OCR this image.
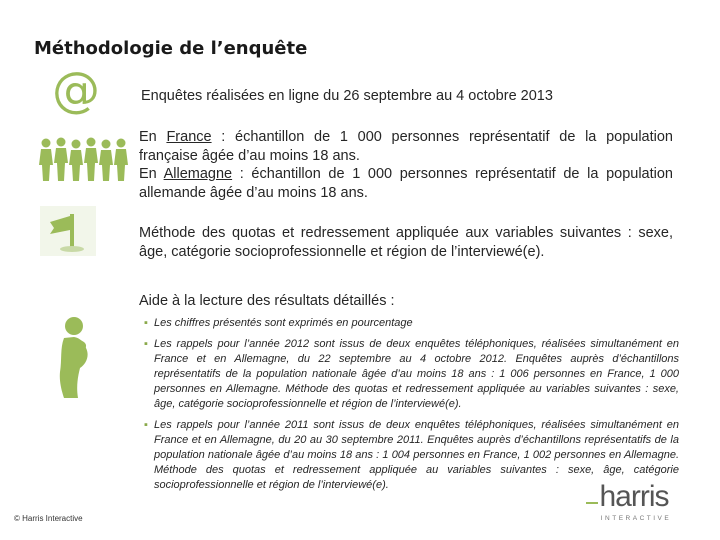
Méthodologie de l’enquête
@	Enquêtes réalisées en ligne du 26 septembre au 4 octobre 2013

En France : échantillon de 1 000 personnes représentatif de la population française âgée d’au moins 18 ans.

En Allemagne : échantillon de 1 000 personnes représentatif de la population allemande âgée d’au moins 18 ans.

Méthode des quotas et redressement appliquée aux variables suivantes : sexe, âge, catégorie socioprofessionnelle et région de l’interviewé(e).
Aide à la lecture des résultats détaillés :
▪ Les chiffres présentés sont exprimés en pourcentage
▪ Les rappels pour l’année 2012 sont issus de deux enquêtes téléphoniques, réalisées simultanément en France et en Allemagne, du 22 septembre au 4 octobre 2012. Enquêtes auprès d’échantillons représentatifs de la population nationale âgée d’au moins 18 ans : 1 006 personnes en France, 1 000 personnes en Allemagne. Méthode des quotas et redressement appliquée au variables suivantes : sexe, âge, catégorie socioprofessionnelle et région de l’interviewé(e).
▪ Les rappels pour l’année 2011 sont issus de deux enquêtes téléphoniques, réalisées simultanément en France et en Allemagne, du 20 au 30 septembre 2011. Enquêtes auprès d’échantillons représentatifs de la population nationale âgée d’au moins 18 ans : 1 004 personnes en France, 1 002 personnes en Allemagne. Méthode des quotas et redressement appliquée au variables suivantes : sexe, âge, catégorie socioprofessionnelle et région de l’interviewé(e).
© Harris Interactive
harris
INTERACTIVE
